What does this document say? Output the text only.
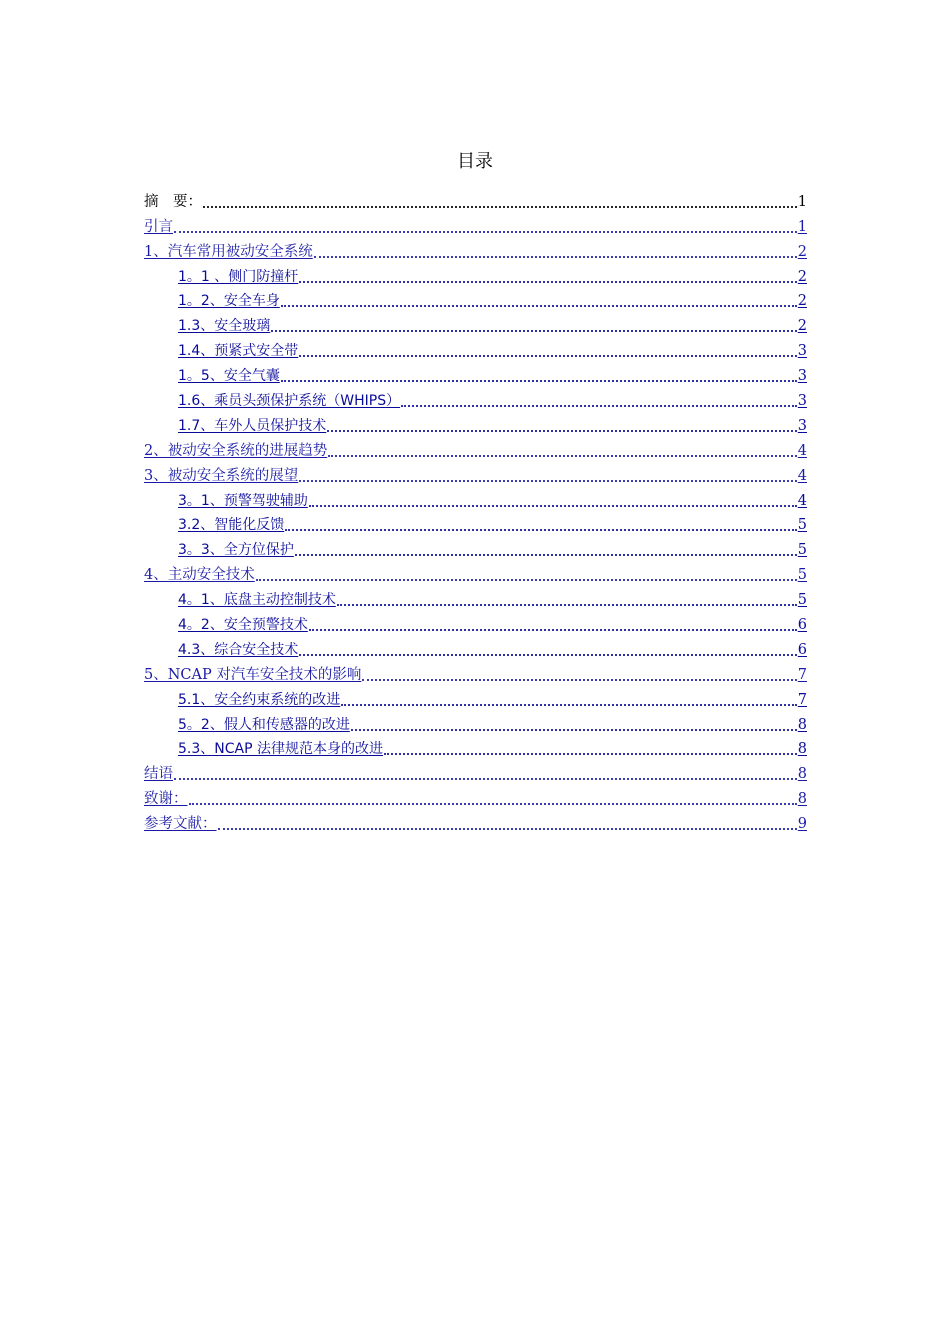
目录
摘　要：	1
引言	1
1、汽车常用被动安全系统	2
1。1 、侧门防撞杆	2
1。2、安全车身	2
1.3、安全玻璃	2
1.4、预紧式安全带	3
1。5、安全气囊	3
1.6、乘员头颈保护系统（WHIPS）	3
1.7、车外人员保护技术	3
2、被动安全系统的进展趋势	4
3、被动安全系统的展望	4
3。1、预警驾驶辅助	4
3.2、智能化反馈	5
3。3、全方位保护	5
4、主动安全技术	5
4。1、底盘主动控制技术	5
4。2、安全预警技术	6
4.3、综合安全技术	6
5、NCAP 对汽车安全技术的影响	7
5.1、安全约束系统的改进	7
5。2、假人和传感器的改进	8
5.3、NCAP 法律规范本身的改进	8
结语	8
致谢：	8
参考文献：	9
